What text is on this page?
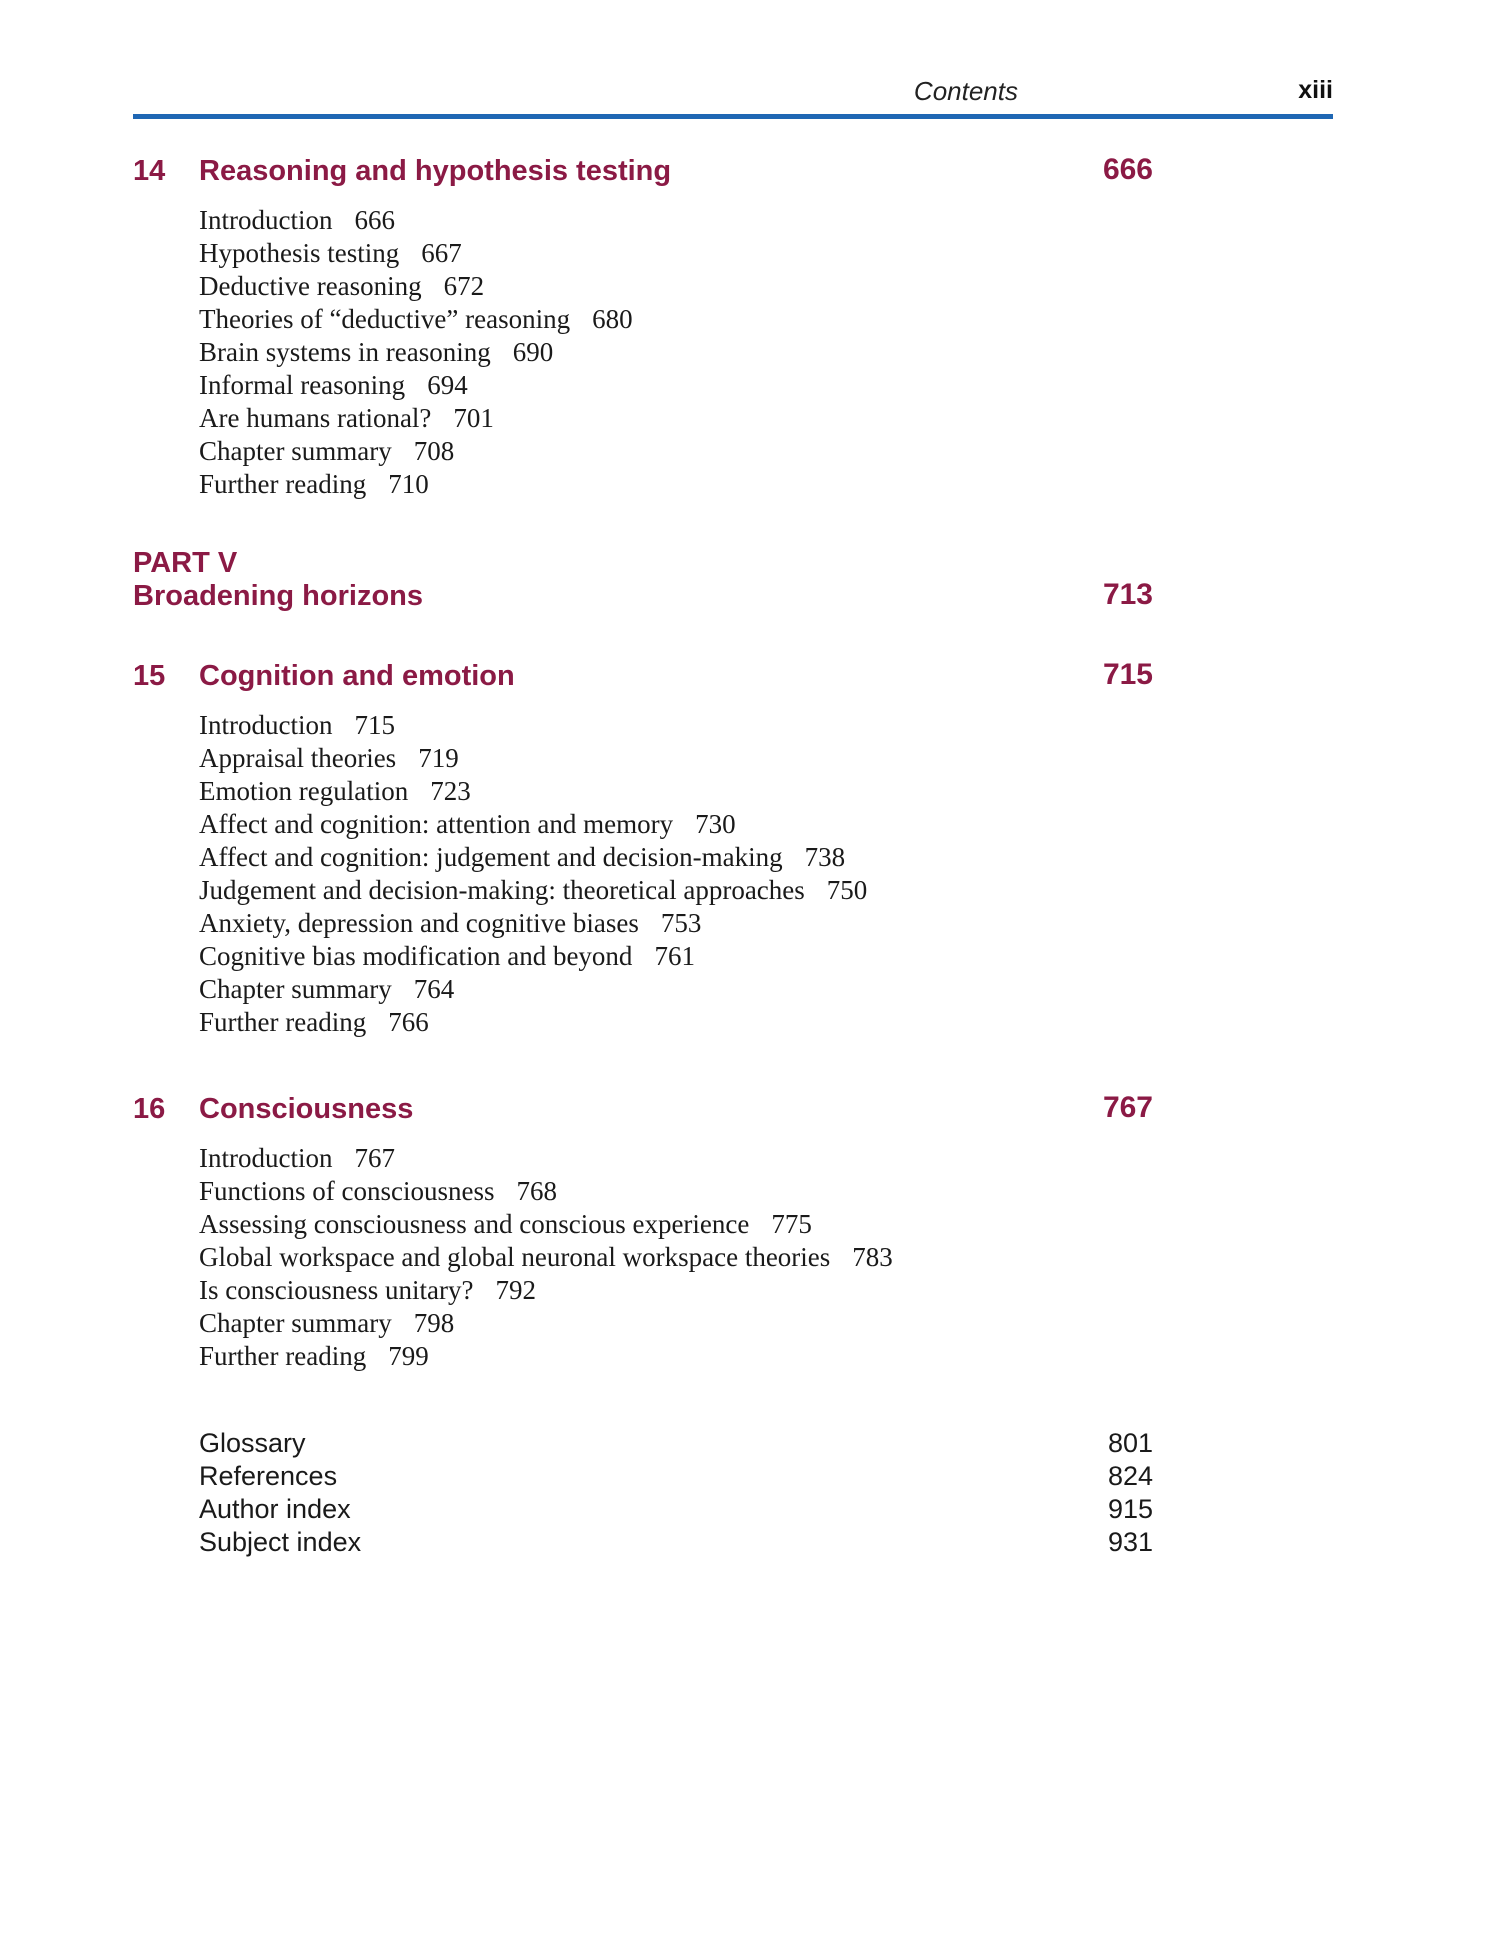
Contents	xiii
14 Reasoning and hypothesis testing	666
Introduction 666
Hypothesis testing 667
Deductive reasoning 672
Theories of “deductive” reasoning 680
Brain systems in reasoning 690
Informal reasoning 694
Are humans rational? 701
Chapter summary 708
Further reading 710
PART V
Broadening horizons	713
15 Cognition and emotion	715
Introduction 715
Appraisal theories 719
Emotion regulation 723
Affect and cognition: attention and memory 730
Affect and cognition: judgement and decision-making 738
Judgement and decision-making: theoretical approaches 750
Anxiety, depression and cognitive biases 753
Cognitive bias modification and beyond 761
Chapter summary 764
Further reading 766
16 Consciousness	767
Introduction 767
Functions of consciousness 768
Assessing consciousness and conscious experience 775
Global workspace and global neuronal workspace theories 783
Is consciousness unitary? 792
Chapter summary 798
Further reading 799
Glossary	801
References	824
Author index	915
Subject index	931
